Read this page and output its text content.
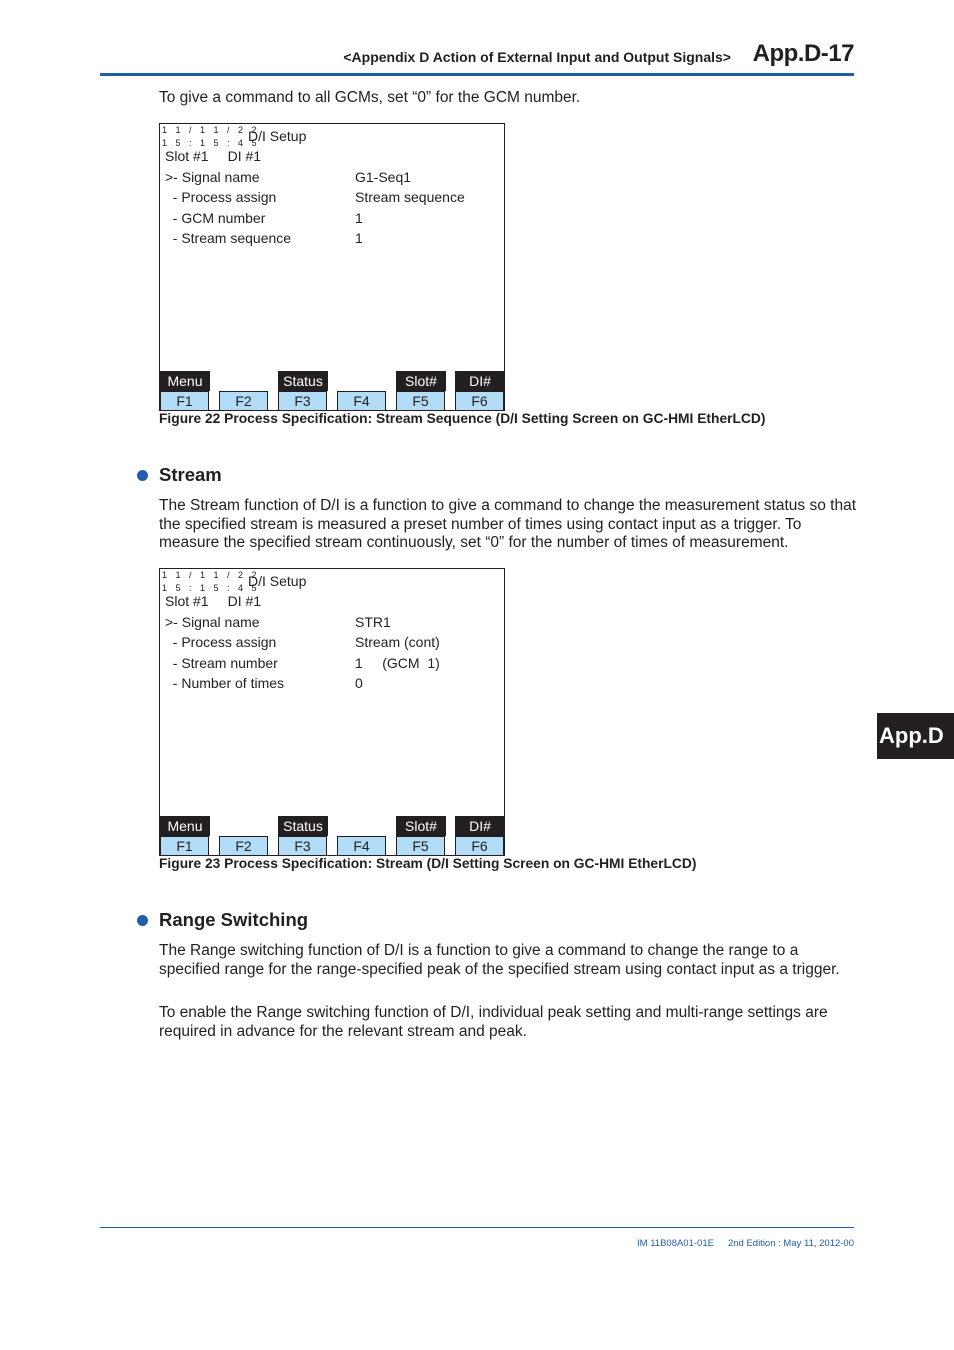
<Appendix D Action of External Input and Output Signals> App.D-17
App.D

To give a command to all GCMs, set “0” for the GCM number.

1 1 / 1 1 / 2 2
1 5 : 1 5 : 4 5
D/I Setup
Slot #1 DI #1
>- Signal name	G1-Seq1
- Process assign	Stream sequence
- GCM number	1
- Stream sequence	1
Menu	Status	Slot#	DI#
F1	F2	F3	F4	F5	F6
Figure 22 Process Specification: Stream Sequence (D/I Setting Screen on GC-HMI EtherLCD)
Stream

The Stream function of D/I is a function to give a command to change the measurement status so that the specified stream is measured a preset number of times using contact input as a trigger. To measure the specified stream continuously, set “0” for the number of times of measurement.

1 1 / 1 1 / 2 2
1 5 : 1 5 : 4 5
D/I Setup
Slot #1 DI #1
>- Signal name	STR1
- Process assign	Stream (cont)
- Stream number	1     (GCM  1)
- Number of times	0
Menu	Status	Slot#	DI#
F1	F2	F3	F4	F5	F6
Figure 23 Process Specification: Stream (D/I Setting Screen on GC-HMI EtherLCD)
Range Switching

The Range switching function of D/I is a function to give a command to change the range to a specified range for the range-specified peak of the specified stream using contact input as a trigger.

To enable the Range switching function of D/I, individual peak setting and multi-range settings are required in advance for the relevant stream and peak.

IM 11B08A01-01E 2nd Edition : May 11, 2012-00
